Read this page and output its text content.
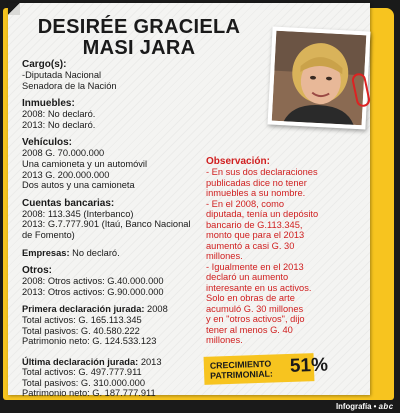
DESIRÉE GRACIELA
MASI JARA
Cargo(s):
-Diputada Nacional
Senadora de la Nación
Inmuebles:
2008: No declaró.
2013: No declaró.
Vehículos:
2008 G. 70.000.000
Una camioneta y un automóvil
2013 G. 200.000.000
Dos autos y una camioneta
Cuentas bancarias:
2008: 113.345 (Interbanco)
2013: G.7.777.901 (Itaú, Banco Nacional
de Fomento)
Empresas: No declaró.
Otros:
2008: Otros activos: G.40.000.000
2013: Otros activos: G.90.000.000
Primera declaración jurada: 2008
Total activos: G. 165.113.345
Total pasivos: G. 40.580.222
Patrimonio neto: G. 124.533.123
Última declaración jurada: 2013
Total activos: G. 497.777.911
Total pasivos: G. 310.000.000
Patrimonio neto: G. 187.777.911
Observación:
- En sus dos declaraciones
publicadas dice no tener
inmuebles a su nombre.
- En el 2008, como
diputada, tenía un depósito
bancario de G.113.345,
monto que para el 2013
aumentó a casi G. 30
millones.
- Igualmente en el 2013
declaró un aumento
interesante en us activos.
Solo en obras de arte
acumuló G. 30 millones
y en "otros activos", dijo
tener al menos G. 40
millones.
CRECIMIENTO
PATRIMONIAL: 51%
Infografía • abc
